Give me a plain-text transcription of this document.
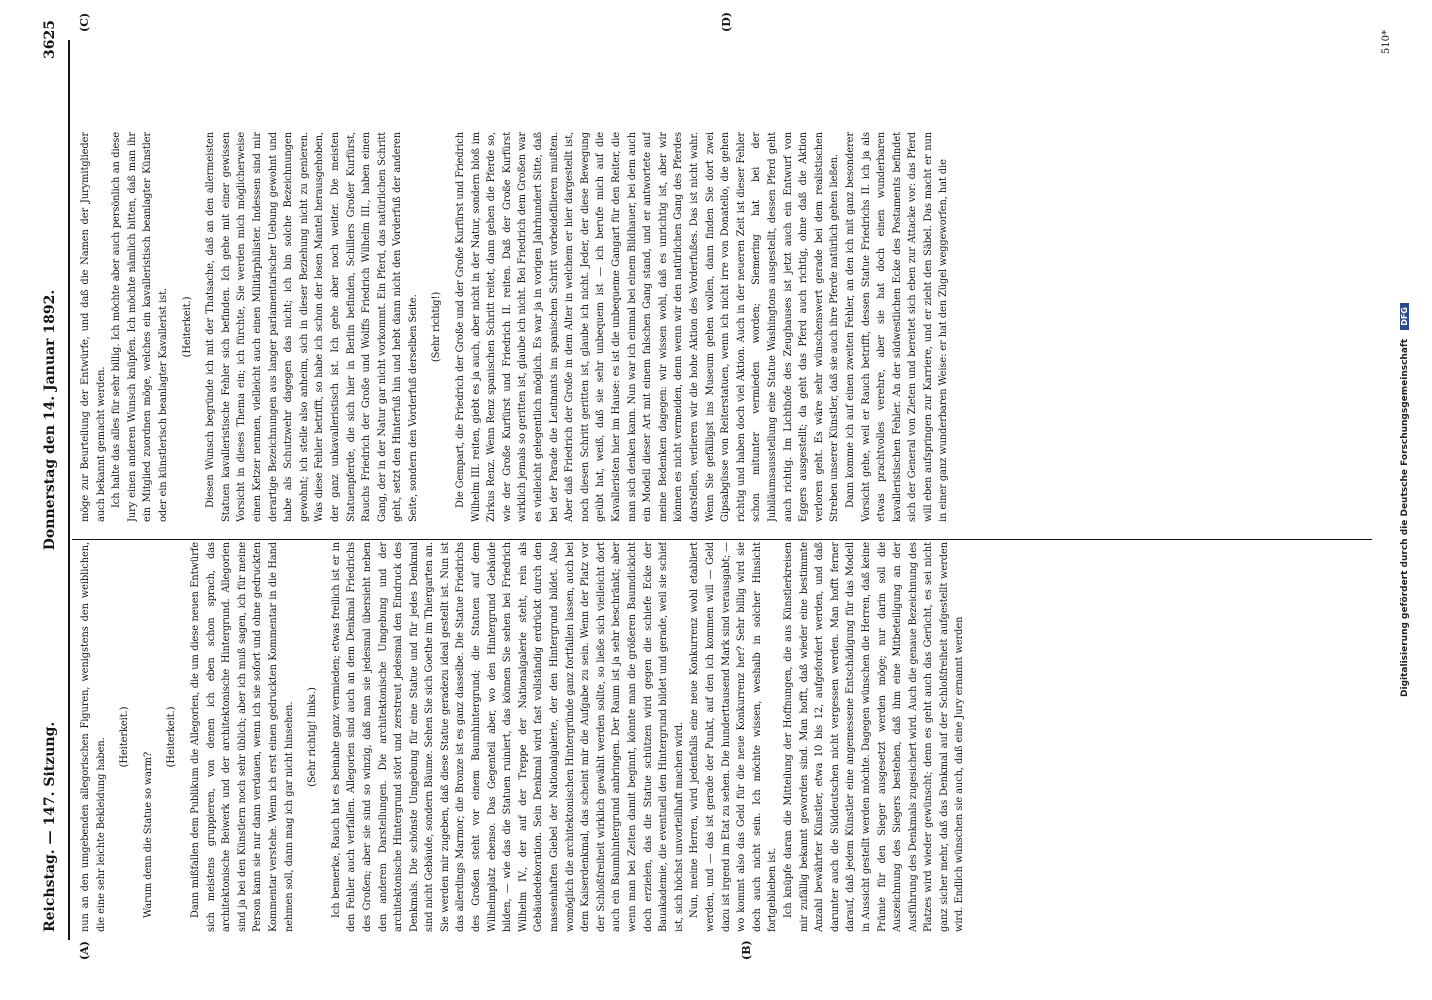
Reichstag. — 147. Sitzung.
Donnerstag den 14. Januar 1892.
3625
(A)	(B)
(C)	(D)

nun an den umgebenden allegorischen Figuren, wenigstens den weiblichen, die eine sehr leichte Bekleidung haben.

(Heiterkeit.)

Warum denn die Statue so warm?

(Heiterkeit.) Dann mißfallen dem Publikum die Allegorien, die um diese neuen Entwürfe sich meistens gruppieren, von denen ich eben schon sprach, das architektonische Beiwerk und der architektonische Hintergrund. Allegorien sind ja bei den Künstlern noch sehr üblich; aber ich muß sagen, ich für meine Person kann sie nur dann verdauen, wenn ich sie sofort und ohne gedruckten Kommentar verstehe. Wenn ich erst einen gedruckten Kommentar in die Hand nehmen soll, dann mag ich gar nicht hinsehen. (Sehr richtig! links.) Ich bemerke, Rauch hat es beinahe ganz vermieden; etwas freilich ist er in den Fehler auch verfallen. Allegorien sind auch an dem Denkmal Friedrichs des Großen; aber sie sind so winzig, daß man sie jedesmal übersieht neben den anderen Darstellungen. Die architektonische Umgebung und der architektonische Hintergrund stört und zerstreut jedesmal den Eindruck des Denkmals. Die schönste Umgebung für eine Statue und für jedes Denkmal sind nicht Gebäude, sondern Bäume. Sehen Sie sich Goethe im Thiergarten an. Sie werden mir zugeben, daß diese Statue geradezu ideal gestellt ist. Nun ist das allerdings Marmor; die Bronze ist es ganz dasselbe. Die Statue Friedrichs des Großen steht vor einem Baumhintergrund; die Statuen auf dem Wilhelmplatz ebenso. Das Gegenteil aber, wo den Hintergrund Gebäude bilden, — wie das die Statuen ruiniert, das können Sie sehen bei Friedrich Wilhelm IV., der auf der Treppe der Nationalgalerie steht, rein als Gebäudedekoration. Sein Denkmal wird fast vollständig erdrückt durch den massenhaften Giebel der Nationalgalerie, der den Hintergrund bildet. Also womöglich die architektonischen Hintergründe ganz fortfallen lassen, auch bei dem Kaiserdenkmal, das scheint mir die Aufgabe zu sein. Wenn der Platz vor der Schloßfreiheit wirklich gewählt werden sollte, so ließe sich vielleicht dort auch ein Baumhintergrund anbringen. Der Raum ist ja sehr beschränkt; aber wenn man bei Zeiten damit beginnt, könnte man die größeren Baumdickicht doch erzielen, das die Statue schützen wird gegen die schiefe Ecke der Bauakademie, die eventuell den Hintergrund bildet und gerade, weil sie schief ist, sich höchst unvorteilhaft machen wird. Nun, meine Herren, wird jedenfalls eine neue Konkurrenz wohl etabliert werden, und — das ist gerade der Punkt, auf den ich kommen will — Geld dazu ist irgend im Etat zu sehen. Die hunderttausend Mark sind verausgabt; — wo kommt also das Geld für die neue Konkurrenz her? Sehr billig wird sie doch auch nicht sein. Ich möchte wissen, weshalb in solcher Hinsicht fortgeblieben ist. Ich knüpfe daran die Mitteilung der Hoffnungen, die aus Künstlerkreisen mir zufällig bekannt geworden sind. Man hofft, daß wieder eine bestimmte Anzahl bewährter Künstler, etwa 10 bis 12, aufgefordert werden, und daß darunter auch die Süddeutschen nicht vergessen werden. Man hofft ferner darauf, daß jedem Künstler eine angemessene Entschädigung für das Modell in Aussicht gestellt werden möchte. Dagegen wünschen die Herren, daß keine Prämie für den Sieger ausgesetzt werden möge; nur darin soll die Auszeichnung des Siegers bestehen, daß ihm eine Mitbeteiligung an der Ausführung des Denkmals zugesichert wird. Auch die genaue Bezeichnung des Platzes wird wieder gewünscht; denn es geht auch das Gerücht, es sei nicht ganz sicher mehr, daß das Denkmal auf der Schloßfreiheit aufgestellt werden wird. Endlich wünschen sie auch, daß eine Jury ernannt werden

möge zur Beurteilung der Entwürfe, und daß die Namen der Jurymitglieder auch bekannt gemacht werden. Ich halte das alles für sehr billig. Ich möchte aber auch persönlich an diese Jury einen anderen Wunsch knüpfen. Ich möchte nämlich bitten, daß man ihr ein Mitglied zuordnen möge, welches ein kavalleristisch beanlagter Künstler oder ein künstlerisch beanlagter Kavallerist ist. (Heiterkeit.) Diesen Wunsch begründe ich mit der Thatsache, daß an den allermeisten Statuen kavalleristische Fehler sich befinden. Ich gehe mit einer gewissen Vorsicht in dieses Thema ein; ich fürchte, Sie werden mich möglicherweise einen Ketzer nennen, vielleicht auch einen Militärphilister. Indessen sind mir derartige Bezeichnungen aus langer parlamentarischer Uebung gewohnt und habe als Schutzwehr dagegen das nicht; ich bin solche Bezeichnungen gewohnt; ich stelle also anheim, sich in dieser Beziehung nicht zu genieren. Was diese Fehler betrifft, so habe ich schon der losen Mantel herausgehoben, der ganz unkavalleristisch ist. Ich gehe aber noch weiter. Die meisten Statuenpferde, die sich hier in Berlin befinden, Schillers Großer Kurfürst, Rauchs Friedrich der Große und Wolffs Friedrich Wilhelm III., haben einen Gang, der in der Natur gar nicht vorkommt. Ein Pferd, das natürlichen Schritt geht, setzt den Hinterfuß hin und hebt dann nicht den Vorderfuß der anderen Seite, sondern den Vorderfuß derselben Seite. (Sehr richtig!) Die Gempart, die Friedrich der Große und der Große Kurfürst und Friedrich Wilhelm III. reiten, giebt es ja auch, aber nicht in der Natur, sondern bloß im Zirkus Renz. Wenn Renz spanischen Schritt reitet, dann gehen die Pferde so, wie der Große Kurfürst und Friedrich II. reiten. Daß der Große Kurfürst wirklich jemals so geritten ist, glaube ich nicht. Bei Friedrich dem Großen war es vielleicht gelegentlich möglich. Es war ja in vorigen Jahrhundert Sitte, daß bei der Parade die Leutnants im spanischen Schritt vorbeidefilieren mußten. Aber daß Friedrich der Große in dem Alter in welchem er hier dargestellt ist, noch diesen Schritt geritten ist, glaube ich nicht. Jeder, der diese Bewegung geübt hat, weiß, daß sie sehr unbequem ist — ich berufe mich auf die Kavalleristen hier im Hause: es ist die unbequeme Gangart für den Reiter, die man sich denken kann. Nun war ich einmal bei einem Bildhauer, bei dem auch ein Modell dieser Art mit einem falschen Gang stand, und er antwortete auf meine Bedenken dagegen: wir wissen wohl, daß es unrichtig ist, aber wir können es nicht vermeiden, denn wenn wir den natürlichen Gang des Pferdes darstellen, verlieren wir die hohe Aktion des Vorderfußes. Das ist nicht wahr. Wenn Sie gefälligst ins Museum gehen wollen, dann finden Sie dort zwei Gipsabgüsse von Reiterstatuen, wenn ich nicht irre von Donatello, die gehen richtig und haben doch viel Aktion. Auch in der neueren Zeit ist dieser Fehler schon mitunter vermieden worden; Siemering hat bei der Jubiläumsausstellung eine Statue Washingtons ausgestellt, dessen Pferd geht auch richtig. Im Lichthofe des Zeughauses ist jetzt auch ein Entwurf von Eggers ausgestellt; da geht das Pferd auch richtig, ohne daß die Aktion verloren geht. Es wäre sehr wünschenswert gerade bei dem realistischen Streben unserer Künstler, daß sie auch ihre Pferde natürlich gehen ließen. Dann komme ich auf einen zweiten Fehler, an den ich mit ganz besonderer Vorsicht gehe, weil er Rauch betrifft, dessen Statue Friedrichs II. ich ja als etwas prachtvolles verehre, aber sie hat doch einen wunderbaren kavalleristischen Fehler. An der südwestlichen Ecke des Postaments befindet sich der General von Zieten und bereitet sich eben zur Attacke vor: das Pferd will eben aufspringen zur Karriere, und er zieht den Säbel. Das macht er nun in einer ganz wunderbaren Weise: er hat den Zügel weggeworfen, hat die

510*
Digitalisierung gefördert durch die Deutsche Forschungsgemeinschaft DFG
